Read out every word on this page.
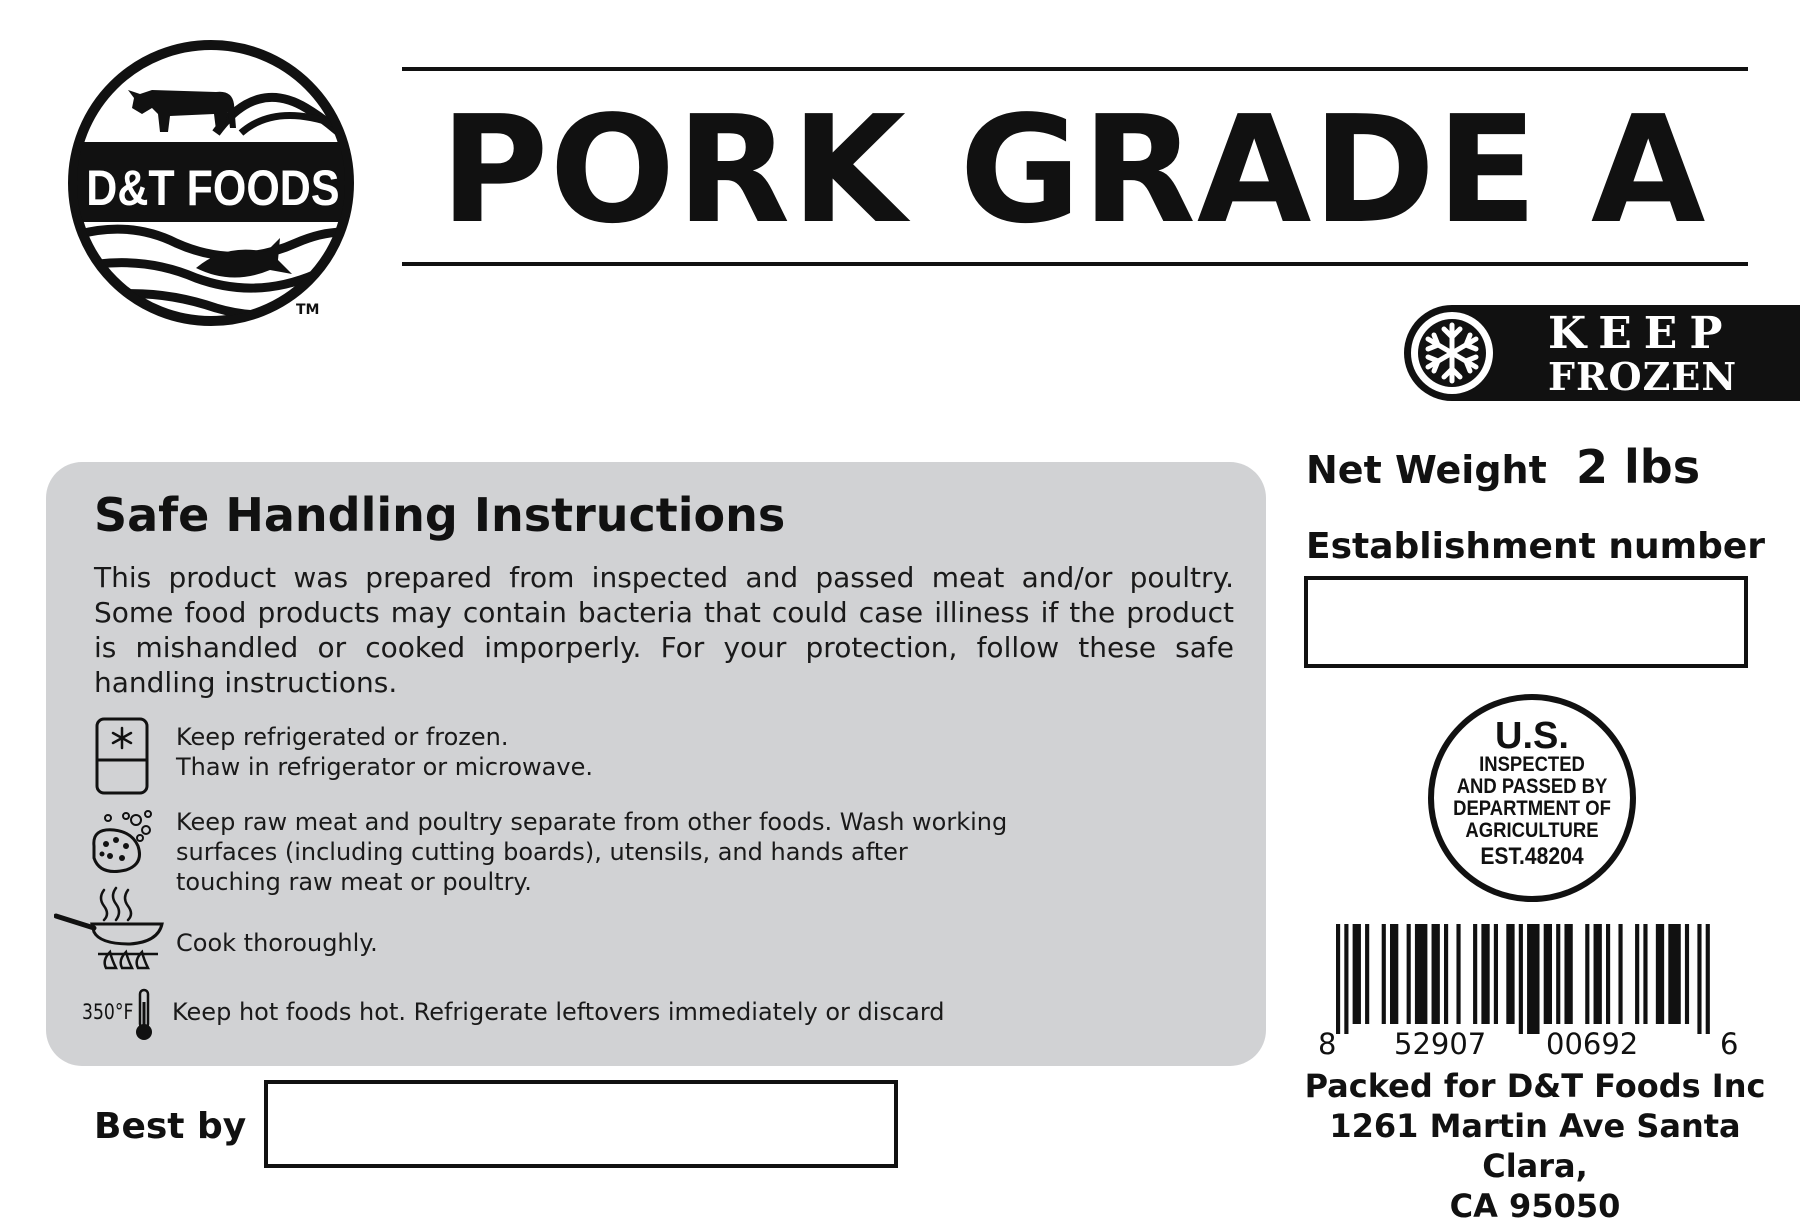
D&T FOODS
TM
PORK GRADE A
KEEP
FROZEN
Safe Handling Instructions
This product was prepared from inspected and passed meat and/or poultry. Some food products may contain bacteria that could case illiness if the product is mishandled or cooked imporperly. For your protection, follow these safe handling instructions.
Keep refrigerated or frozen.
Thaw in refrigerator or microwave.
Keep raw meat and poultry separate from other foods. Wash working
surfaces (including cutting boards), utensils, and hands after
touching raw meat or poultry.
Cook thoroughly.
350°F Keep hot foods hot. Refrigerate leftovers immediately or discard
Best by
Net Weight 2 lbs
Establishment number
U.S.
INSPECTED
AND PASSED BY
DEPARTMENT OF
AGRICULTURE
EST.48204
8 52907 00692	6
Packed for D&T Foods Inc
1261 Martin Ave Santa Clara,
CA 95050
